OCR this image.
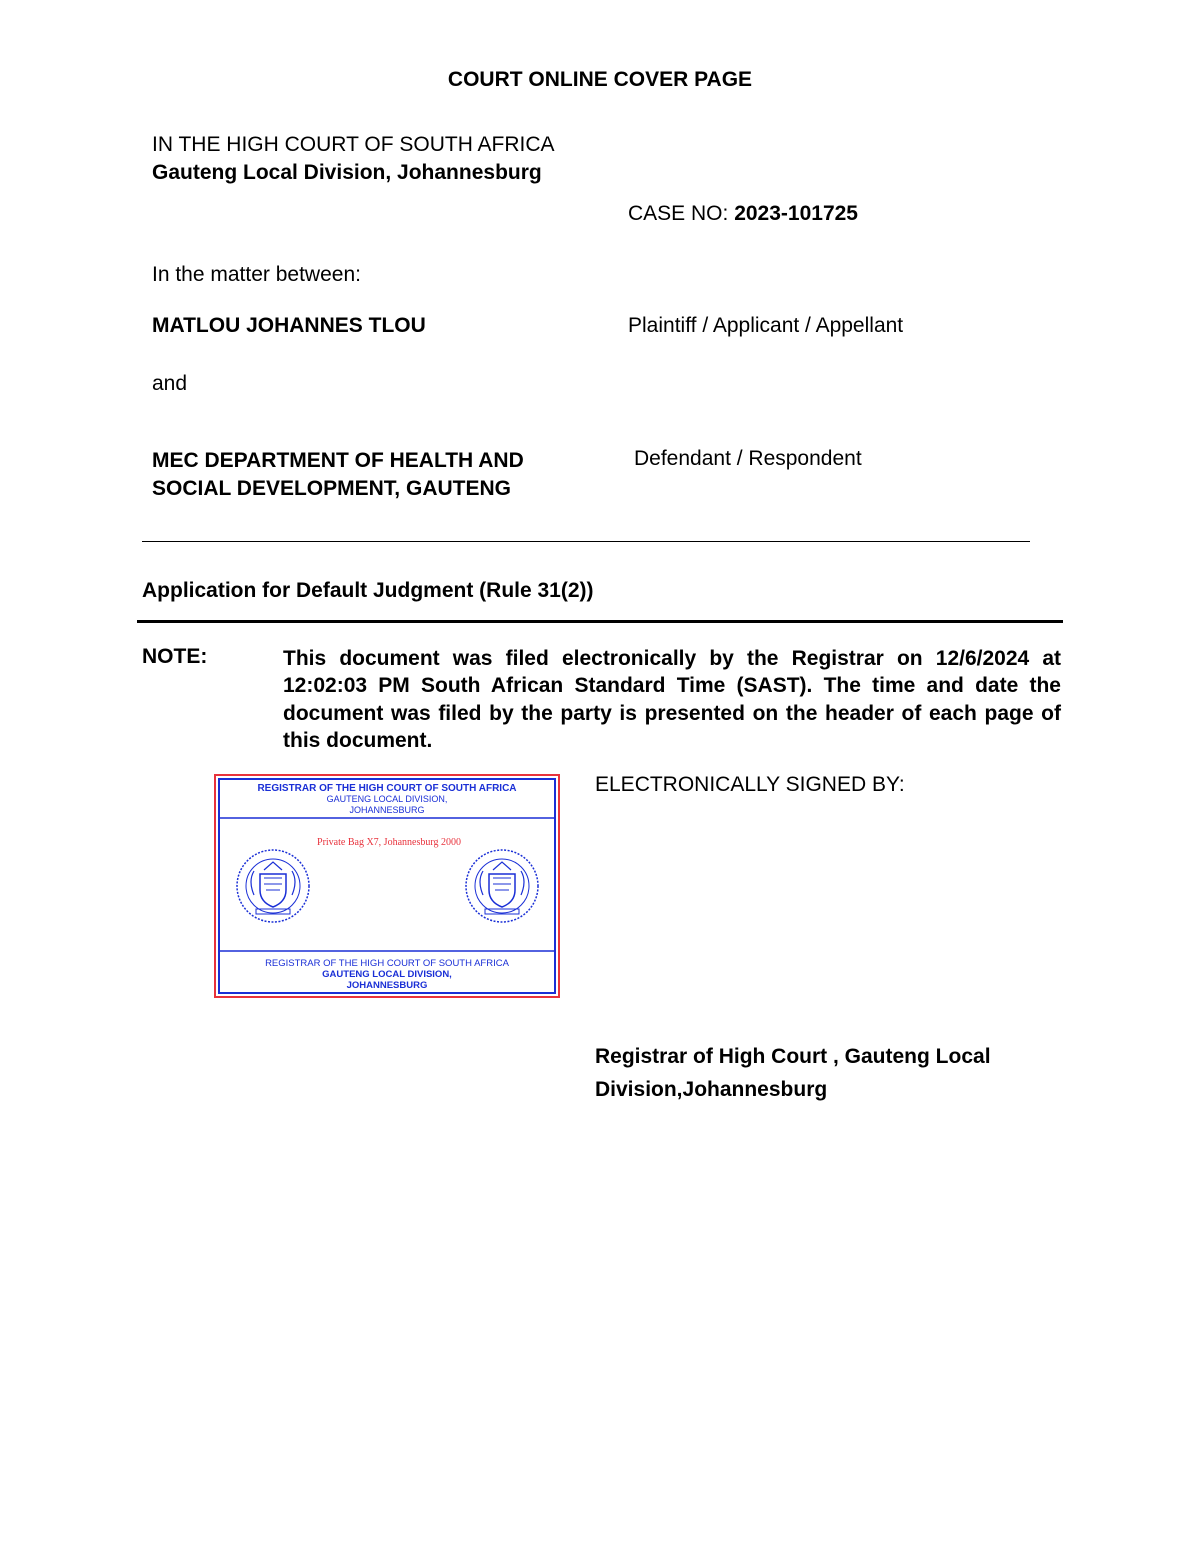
COURT ONLINE COVER PAGE
IN THE HIGH COURT OF SOUTH AFRICA
Gauteng Local Division, Johannesburg
CASE NO: 2023-101725
In the matter between:
MATLOU JOHANNES TLOU	Plaintiff / Applicant / Appellant
and
MEC DEPARTMENT OF HEALTH AND SOCIAL DEVELOPMENT, GAUTENG
Defendant / Respondent
Application for Default Judgment (Rule 31(2))
NOTE:	This document was filed electronically by the Registrar on 12/6/2024 at 12:02:03 PM South African Standard Time (SAST). The time and date the document was filed by the party is presented on the header of each page of this document.
REGISTRAR OF THE HIGH COURT OF SOUTH AFRICA
GAUTENG LOCAL DIVISION,
JOHANNESBURG
Private Bag X7, Johannesburg 2000
REGISTRAR OF THE HIGH COURT OF SOUTH AFRICA
GAUTENG LOCAL DIVISION,
JOHANNESBURG
ELECTRONICALLY SIGNED BY:
Registrar of High Court , Gauteng Local Division,Johannesburg
